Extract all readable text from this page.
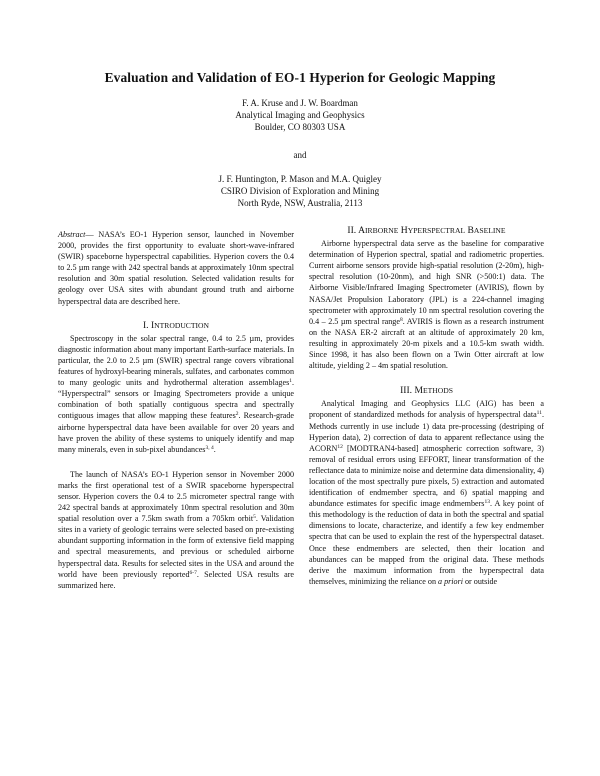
Evaluation and Validation of EO-1 Hyperion for Geologic Mapping
F. A. Kruse and J. W. Boardman
Analytical Imaging and Geophysics
Boulder, CO 80303 USA
and
J. F. Huntington, P. Mason and M.A. Quigley
CSIRO Division of Exploration and Mining
North Ryde, NSW, Australia, 2113

Abstract— NASA’s EO-1 Hyperion sensor, launched in November 2000, provides the first opportunity to evaluate short-wave-infrared (SWIR) spaceborne hyperspectral capabilities. Hyperion covers the 0.4 to 2.5 µm range with 242 spectral bands at approximately 10nm spectral resolution and 30m spatial resolution. Selected validation results for geology over USA sites with abundant ground truth and airborne hyperspectral data are described here.

I. INTRODUCTION

Spectroscopy in the solar spectral range, 0.4 to 2.5 µm, provides diagnostic information about many important Earth-surface materials. In particular, the 2.0 to 2.5 µm (SWIR) spectral range covers vibrational features of hydroxyl-bearing minerals, sulfates, and carbonates common to many geologic units and hydrothermal alteration assemblages$^1$. “Hyperspectral” sensors or Imaging Spectrometers provide a unique combination of both spatially contiguous spectra and spectrally contiguous images that allow mapping these features$^2$. Research-grade airborne hyperspectral data have been available for over 20 years and have proven the ability of these systems to uniquely identify and map many minerals, even in sub-pixel abundances$^{3, 4}$.

The launch of NASA’s EO-1 Hyperion sensor in November 2000 marks the first operational test of a SWIR spaceborne hyperspectral sensor. Hyperion covers the 0.4 to 2.5 micrometer spectral range with 242 spectral bands at approximately 10nm spectral resolution and 30m spatial resolution over a 7.5km swath from a 705km orbit$^5$. Validation sites in a variety of geologic terrains were selected based on pre-existing abundant supporting information in the form of extensive field mapping and spectral measurements, and previous or scheduled airborne hyperspectral data. Results for selected sites in the USA and around the world have been previously reported$^{6-7}$. Selected USA results are summarized here.

II. AIRBORNE HYPERSPECTRAL BASELINE

Airborne hyperspectral data serve as the baseline for comparative determination of Hyperion spectral, spatial and radiometric properties. Current airborne sensors provide high-spatial resolution (2-20m), high-spectral resolution (10-20nm), and high SNR (>500:1) data. The Airborne Visible/Infrared Imaging Spectrometer (AVIRIS), flown by NASA/Jet Propulsion Laboratory (JPL) is a 224-channel imaging spectrometer with approximately 10 nm spectral resolution covering the 0.4 – 2.5 µm spectral range$^8$. AVIRIS is flown as a research instrument on the NASA ER-2 aircraft at an altitude of approximately 20 km, resulting in approximately 20-m pixels and a 10.5-km swath width. Since 1998, it has also been flown on a Twin Otter aircraft at low altitude, yielding 2 – 4m spatial resolution.

III. METHODS

Analytical Imaging and Geophysics LLC (AIG) has been a proponent of standardized methods for analysis of hyperspectral data$^{11}$. Methods currently in use include 1) data pre-processing (destriping of Hyperion data), 2) correction of data to apparent reflectance using the ACORN$^{12}$ [MODTRAN4-based] atmospheric correction software, 3) removal of residual errors using EFFORT, linear transformation of the reflectance data to minimize noise and determine data dimensionality, 4) location of the most spectrally pure pixels, 5) extraction and automated identification of endmember spectra, and 6) spatial mapping and abundance estimates for specific image endmembers$^{13}$. A key point of this methodology is the reduction of data in both the spectral and spatial dimensions to locate, characterize, and identify a few key endmember spectra that can be used to explain the rest of the hyperspectral dataset. Once these endmembers are selected, then their location and abundances can be mapped from the original data. These methods derive the maximum information from the hyperspectral data themselves, minimizing the reliance on a priori or outside
